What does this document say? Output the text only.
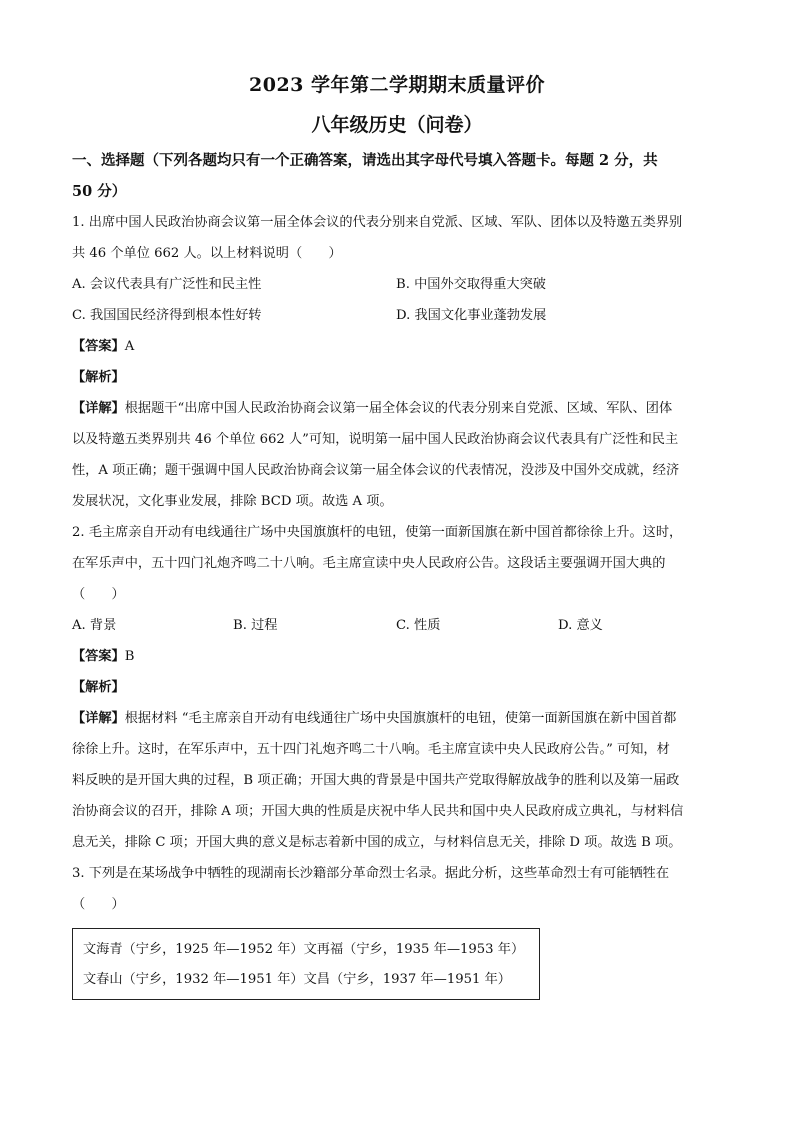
2023 学年第二学期期末质量评价
八年级历史（问卷）
一、选择题（下列各题均只有一个正确答案，请选出其字母代号填入答题卡。每题 2 分，共
50 分）
1. 出席中国人民政治协商会议第一届全体会议的代表分别来自党派、区域、军队、团体以及特邀五类界别
共 46 个单位 662 人。以上材料说明（　　）
A. 会议代表具有广泛性和民主性	B. 中国外交取得重大突破
C. 我国国民经济得到根本性好转	D. 我国文化事业蓬勃发展
【答案】A
【解析】
【详解】根据题干“出席中国人民政治协商会议第一届全体会议的代表分别来自党派、区域、军队、团体
以及特邀五类界别共 46 个单位 662 人”可知，说明第一届中国人民政治协商会议代表具有广泛性和民主
性，A 项正确；题干强调中国人民政治协商会议第一届全体会议的代表情况，没涉及中国外交成就，经济
发展状况，文化事业发展，排除 BCD 项。故选 A 项。
2. 毛主席亲自开动有电线通往广场中央国旗旗杆的电钮，使第一面新国旗在新中国首都徐徐上升。这时，
在军乐声中，五十四门礼炮齐鸣二十八响。毛主席宣读中央人民政府公告。这段话主要强调开国大典的
（　　）
A. 背景	B. 过程	C. 性质	D. 意义
【答案】B
【解析】
【详解】根据材料 “毛主席亲自开动有电线通往广场中央国旗旗杆的电钮，使第一面新国旗在新中国首都
徐徐上升。这时，在军乐声中，五十四门礼炮齐鸣二十八响。毛主席宣读中央人民政府公告。” 可知，材
料反映的是开国大典的过程，B 项正确；开国大典的背景是中国共产党取得解放战争的胜利以及第一届政
治协商会议的召开，排除 A 项；开国大典的性质是庆祝中华人民共和国中央人民政府成立典礼，与材料信
息无关，排除 C 项；开国大典的意义是标志着新中国的成立，与材料信息无关，排除 D 项。故选 B 项。
3. 下列是在某场战争中牺牲的现湖南长沙籍部分革命烈士名录。据此分析，这些革命烈士有可能牺牲在
（　　）
文海青（宁乡，1925 年—1952 年）文再福（宁乡，1935 年—1953 年）
文春山（宁乡，1932 年—1951 年）文昌（宁乡，1937 年—1951 年）
